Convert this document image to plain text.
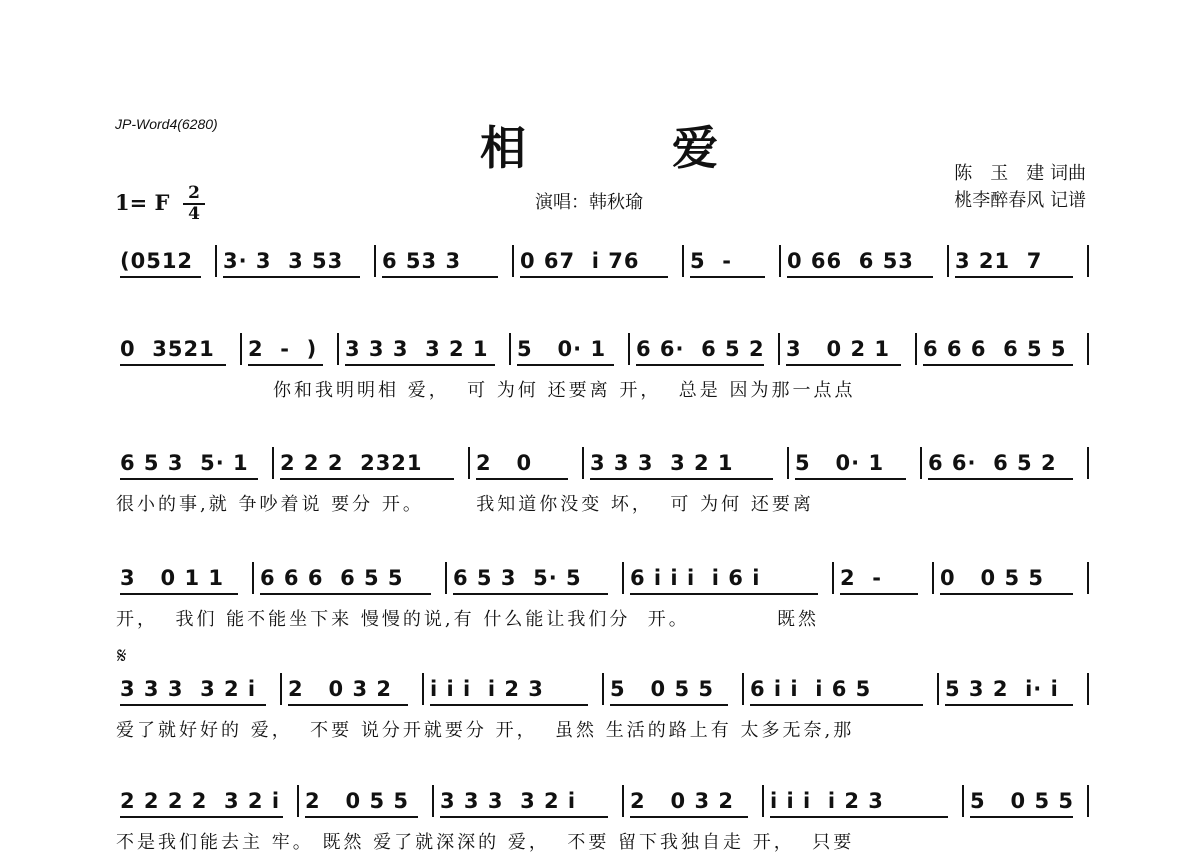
JP-Word4(6280)	相	爱	陈　玉　建 词曲
桃李醉春风 记谱
1= F 2
4
演唱：韩秋瑜
𝄋
(0512 3· 3  3 53 6 53 3	0 67  i 76 5  -	0 66  6 53 3 21  7
0  3521 2  -  ) 3 3 3  3 2 1 5   0· 1 6 6·  6 5 2 3   0 2 1 6 6 6  6 5 5
你和我明明相 爱，  可 为何 还要离 开，  总是 因为那一点点
6 5 3  5· 1 2 2 2  2321	2   0	3 3 3  3 2 1	5   0· 1 6 6·  6 5 2
很小的事,就 争吵着说 要分 开。      我知道你没变 坏，  可 为何 还要离
3   0 1 1 6 6 6  6 5 5 6 5 3  5· 5 6 i i i  i 6 i	2  -	0   0 5 5
开，  我们 能不能坐下来 慢慢的说,有 什么能让我们分  开。          既然
3 3 3  3 2 i 2   0 3 2 i i i  i 2 3	5   0 5 5 6 i i  i 6 5	5 3 2  i· i
爱了就好好的 爱，  不要 说分开就要分 开，  虽然 生活的路上有 太多无奈,那
2 2 2 2  3 2 i 2   0 5 5 3 3 3  3 2 i	2   0 3 2 i i i  i 2 3	5   0 5 5
不是我们能去主 牢。 既然 爱了就深深的 爱，  不要 留下我独自走 开，  只要
